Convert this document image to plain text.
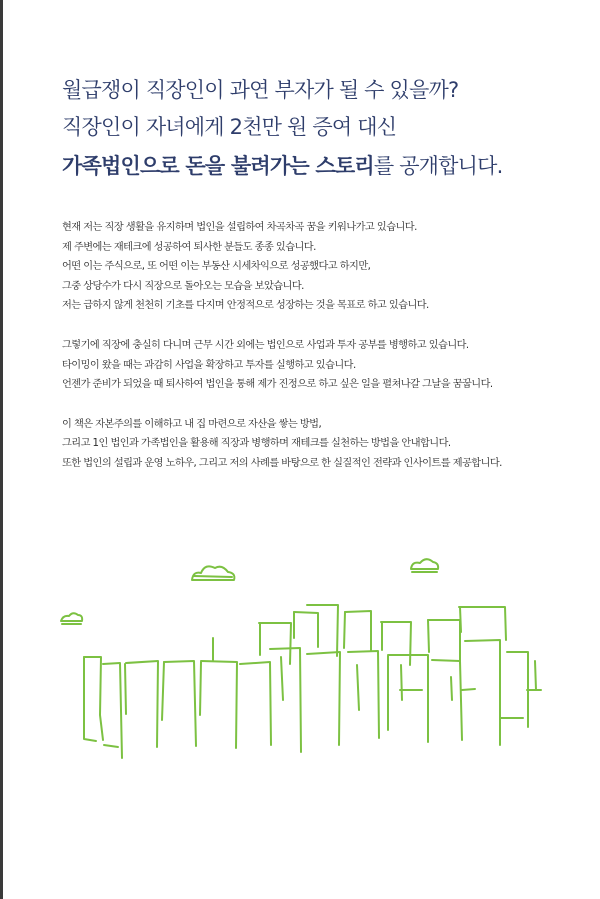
월급쟁이 직장인이 과연 부자가 될 수 있을까?
직장인이 자녀에게 2천만 원 증여 대신
가족법인으로 돈을 불려가는 스토리를 공개합니다.
현재 저는 직장 생활을 유지하며 법인을 설립하여 차곡차곡 꿈을 키워나가고 있습니다.
제 주변에는 재테크에 성공하여 퇴사한 분들도 종종 있습니다.
어떤 이는 주식으로, 또 어떤 이는 부동산 시세차익으로 성공했다고 하지만,
그중 상당수가 다시 직장으로 돌아오는 모습을 보았습니다.
저는 급하지 않게 천천히 기초를 다지며 안정적으로 성장하는 것을 목표로 하고 있습니다.
그렇기에 직장에 충실히 다니며 근무 시간 외에는 법인으로 사업과 투자 공부를 병행하고 있습니다.
타이밍이 왔을 때는 과감히 사업을 확장하고 투자를 실행하고 있습니다.
언젠가 준비가 되었을 때 퇴사하여 법인을 통해 제가 진정으로 하고 싶은 일을 펼쳐나갈 그날을 꿈꿉니다.
이 책은 자본주의를 이해하고 내 집 마련으로 자산을 쌓는 방법,
그리고 1인 법인과 가족법인을 활용해 직장과 병행하며 재테크를 실천하는 방법을 안내합니다.
또한 법인의 설립과 운영 노하우, 그리고 저의 사례를 바탕으로 한 실질적인 전략과 인사이트를 제공합니다.
